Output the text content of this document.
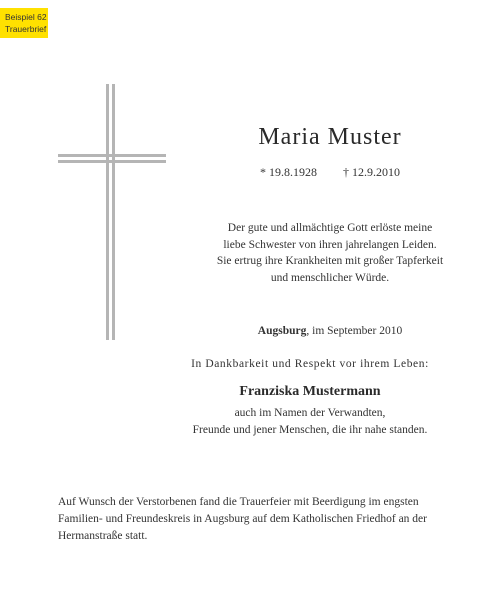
Beispiel 62
Trauerbrief
Maria Muster
* 19.8.1928 † 12.9.2010
Der gute und allmächtige Gott erlöste meine
liebe Schwester von ihren jahrelangen Leiden.
Sie ertrug ihre Krankheiten mit großer Tapferkeit
und menschlicher Würde.
Augsburg, im September 2010
In Dankbarkeit und Respekt vor ihrem Leben:
Franziska Mustermann
auch im Namen der Verwandten,
Freunde und jener Menschen, die ihr nahe standen.
Auf Wunsch der Verstorbenen fand die Trauerfeier mit Beerdigung im engsten
Familien- und Freundeskreis in Augsburg auf dem Katholischen Friedhof an der
Hermanstraße statt.
